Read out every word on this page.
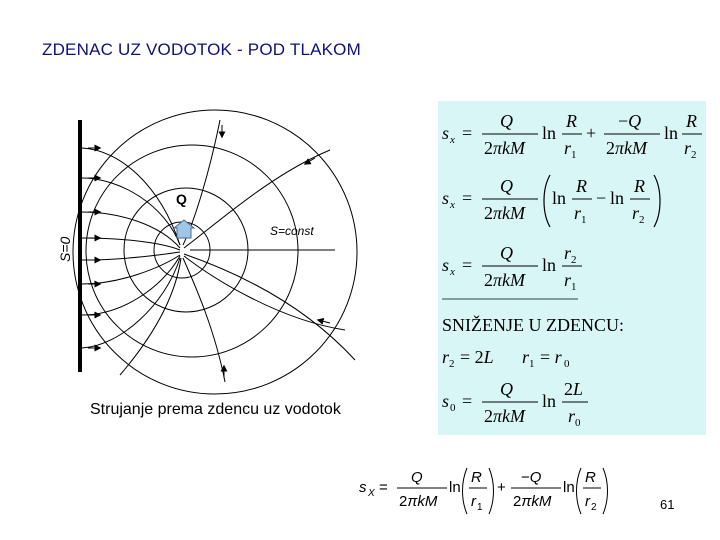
ZDENAC UZ VODOTOK - POD TLAKOM
S=0
S=const
Q
s x =
Q
2πkM
ln
R
r 1
+
−Q
2πkM
ln
R
r 2
s x =
Q
2πkM
ln
R
r 1
− ln
R
r 2
s x =
Q
2πkM
ln
r 2
r 1
SNIŽENJE U ZDENCU:
r 2 = 2L r 1 = r 0
s 0 =
Q
2πkM
ln
2L
r 0
Strujanje prema zdencu uz vodotok
s X =
Q
2πkM
ln
R
r 1
+
−Q
2πkM
ln
R
r 2	61
